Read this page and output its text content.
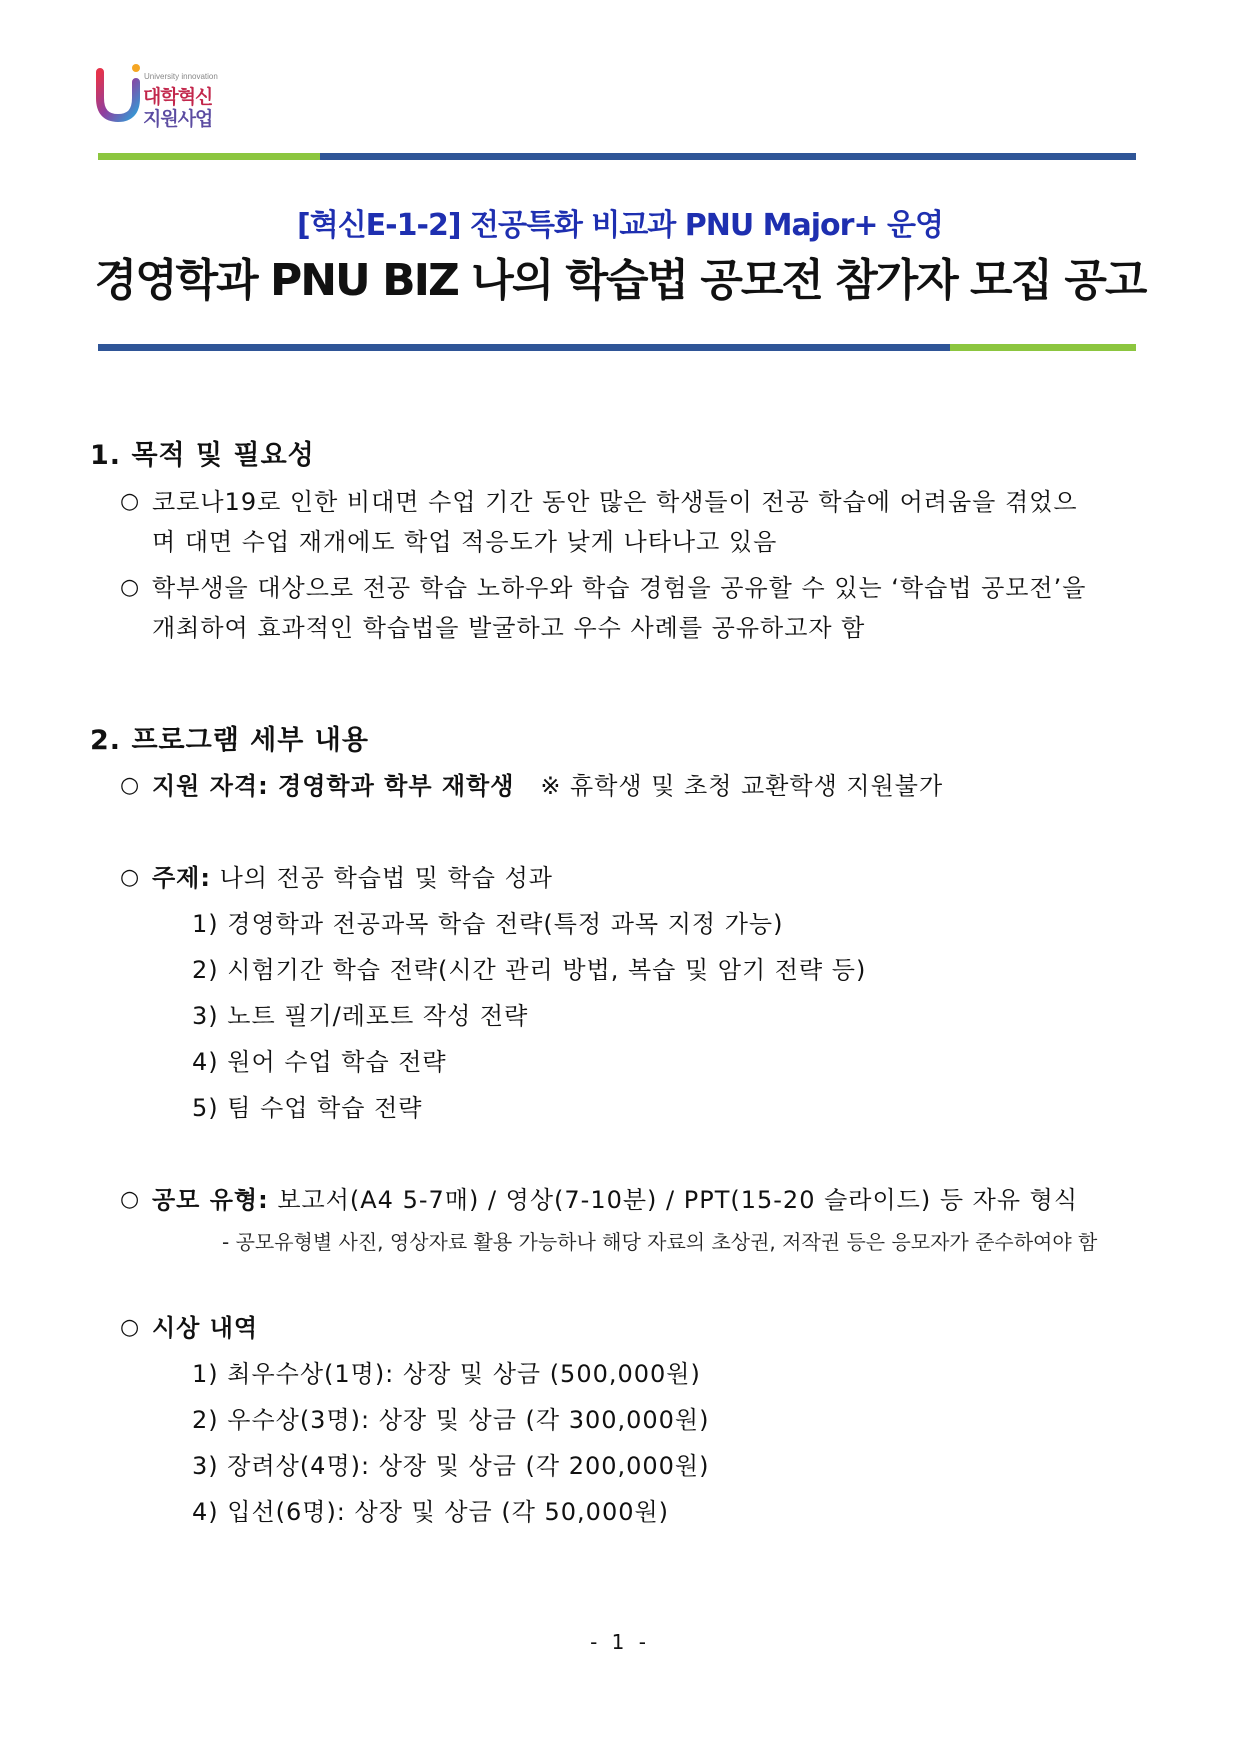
University innovation
대학혁신
지원사업
[혁신E-1-2] 전공특화 비교과 PNU Major+ 운영
경영학과 PNU BIZ 나의 학습법 공모전 참가자 모집 공고
1. 목적 및 필요성
○ 코로나19로 인한 비대면 수업 기간 동안 많은 학생들이 전공 학습에 어려움을 겪었으
며 대면 수업 재개에도 학업 적응도가 낮게 나타나고 있음
○ 학부생을 대상으로 전공 학습 노하우와 학습 경험을 공유할 수 있는 ‘학습법 공모전’을
개최하여 효과적인 학습법을 발굴하고 우수 사례를 공유하고자 함
2. 프로그램 세부 내용
○ 지원 자격: 경영학과 학부 재학생 ※ 휴학생 및 초청 교환학생 지원불가
○ 주제: 나의 전공 학습법 및 학습 성과
1) 경영학과 전공과목 학습 전략(특정 과목 지정 가능)
2) 시험기간 학습 전략(시간 관리 방법, 복습 및 암기 전략 등)
3) 노트 필기/레포트 작성 전략
4) 원어 수업 학습 전략
5) 팀 수업 학습 전략
○ 공모 유형: 보고서(A4 5-7매) / 영상(7-10분) / PPT(15-20 슬라이드) 등 자유 형식
- 공모유형별 사진, 영상자료 활용 가능하나 해당 자료의 초상권, 저작권 등은 응모자가 준수하여야 함
○ 시상 내역
1) 최우수상(1명): 상장 및 상금 (500,000원)
2) 우수상(3명): 상장 및 상금 (각 300,000원)
3) 장려상(4명): 상장 및 상금 (각 200,000원)
4) 입선(6명): 상장 및 상금 (각 50,000원)
- 1 -
